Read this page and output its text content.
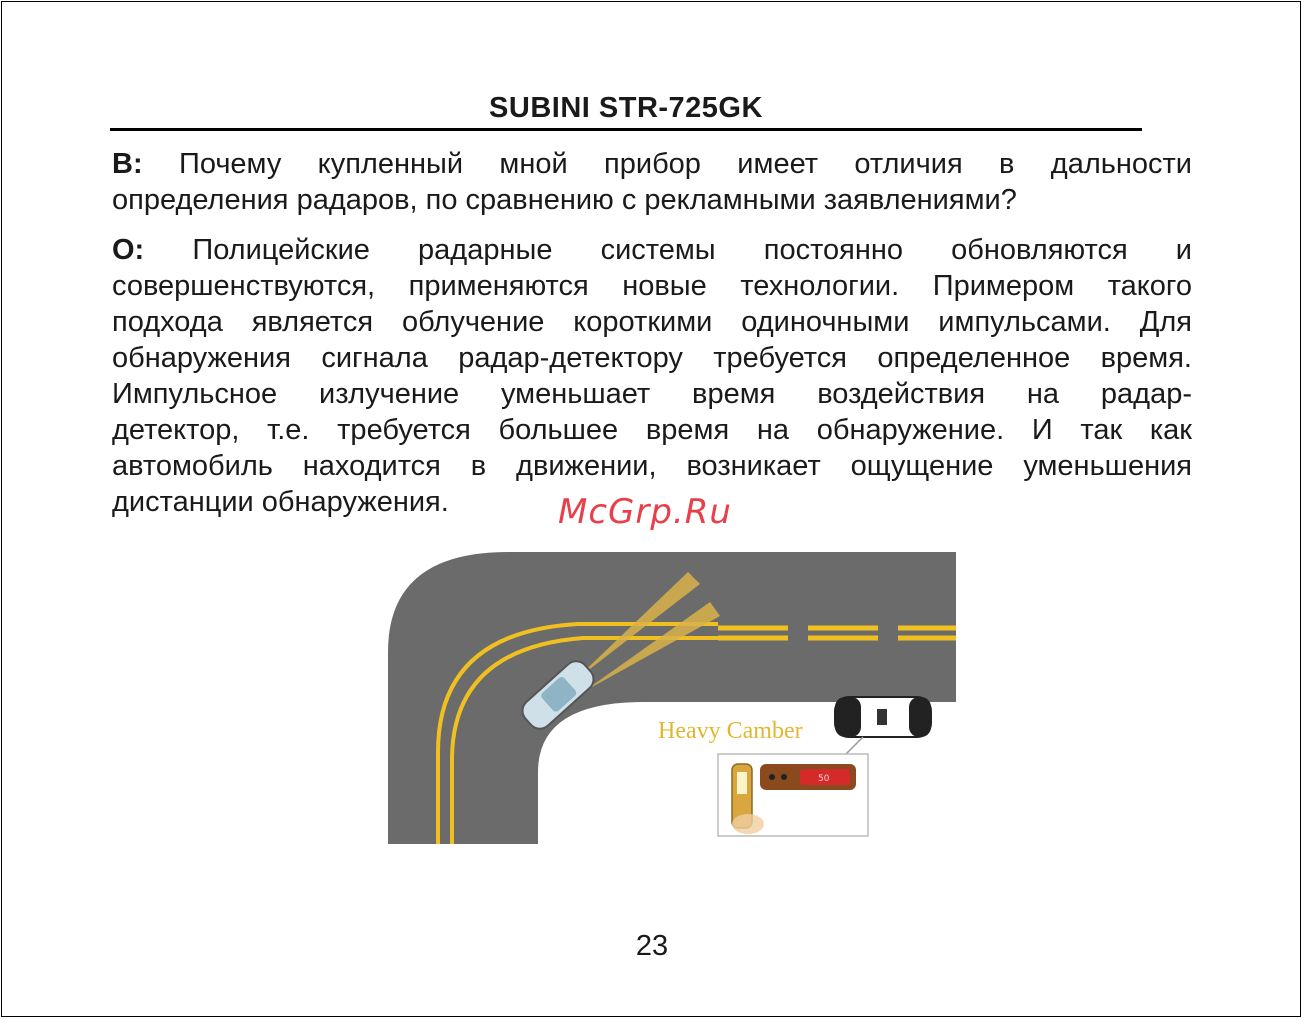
SUBINI STR-725GK
В: Почему купленный мной прибор имеет отличия в дальности
определения радаров, по сравнению с рекламными заявлениями?
О: Полицейские радарные системы постоянно обновляются и
совершенствуются, применяются новые технологии. Примером такого
подхода является облучение короткими одиночными импульсами. Для
обнаружения сигнала радар-детектору требуется определенное время.
Импульсное излучение уменьшает время воздействия на радар-
детектор, т.е. требуется большее время на обнаружение. И так как
автомобиль находится в движении, возникает ощущение уменьшения
дистанции обнаружения.	McGrp.Ru
Heavy Camber
50
23
